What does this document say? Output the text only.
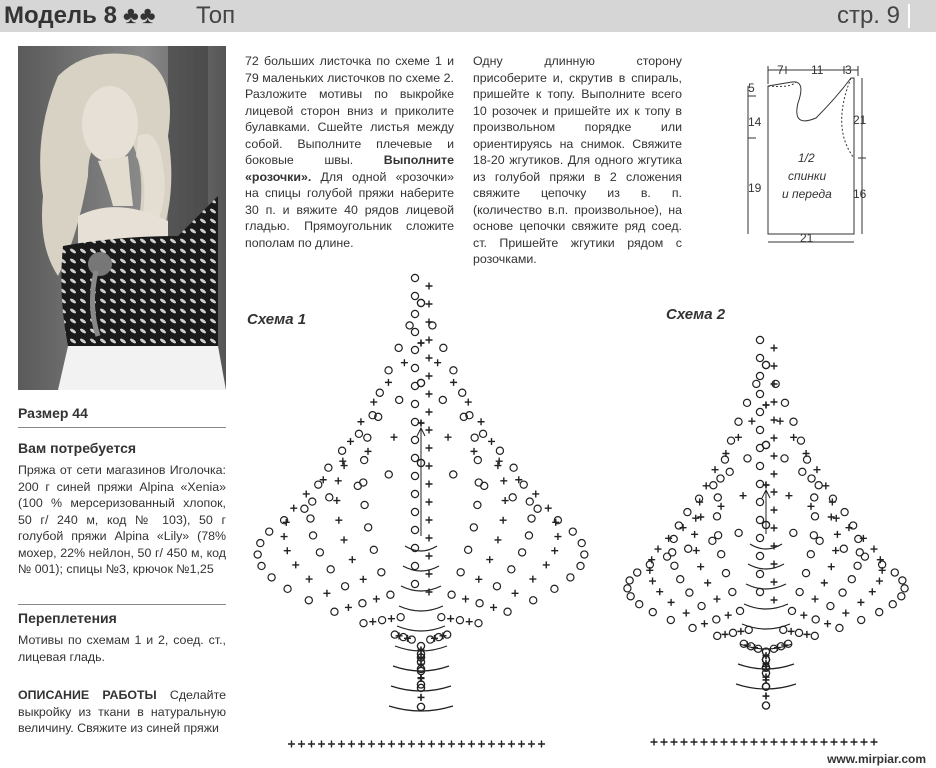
Модель 8 ♣♣ Топ	стр. 9
Размер 44
Вам потребуется
Пряжа от сети магазинов Иголочка: 200 г синей пряжи Alpina «Xenia» (100 % мерсеризованный хлопок, 50 г/ 240 м, код № 103), 50 г голубой пряжи Alpina «Lily» (78% мохер, 22% нейлон, 50 г/ 450 м, код № 001); спицы №3, крючок №1,25
Переплетения
Мотивы по схемам 1 и 2, соед. ст., лицевая гладь.
ОПИСАНИЕ РАБОТЫ Сделайте выкройку из ткани в натуральную величину. Свяжите из синей пряжи
72 больших листочка по схеме 1 и 79 маленьких листочков по схеме 2. Разложите мотивы по выкройке лицевой сторон вниз и приколите булавками. Сшейте листья между собой. Выполните плечевые и боковые швы. Выполните «розочки». Для одной «розочки» на спицы голубой пряжи наберите 30 п. и вяжите 40 рядов лицевой гладью. Прямоугольник сложите пополам по длине.
Одну длинную сторону присоберите и, скрутив в спираль, пришейте к топу. Выполните всего 10 розочек и пришейте их к топу в произвольном порядке или ориентируясь на снимок. Свяжите 18-20 жгутиков. Для одного жгутика из голубой пряжи в 2 сложения свяжите цепочку из в. п. (количество в.п. произвольное), на основе цепочки свяжите ряд соед. ст. Пришейте жгутики рядом с розочками.
7 11 3
5
14	21
19	16
21
1/2
спинки
и переда
Схема 1	Схема 2
www.mirpiar.com
